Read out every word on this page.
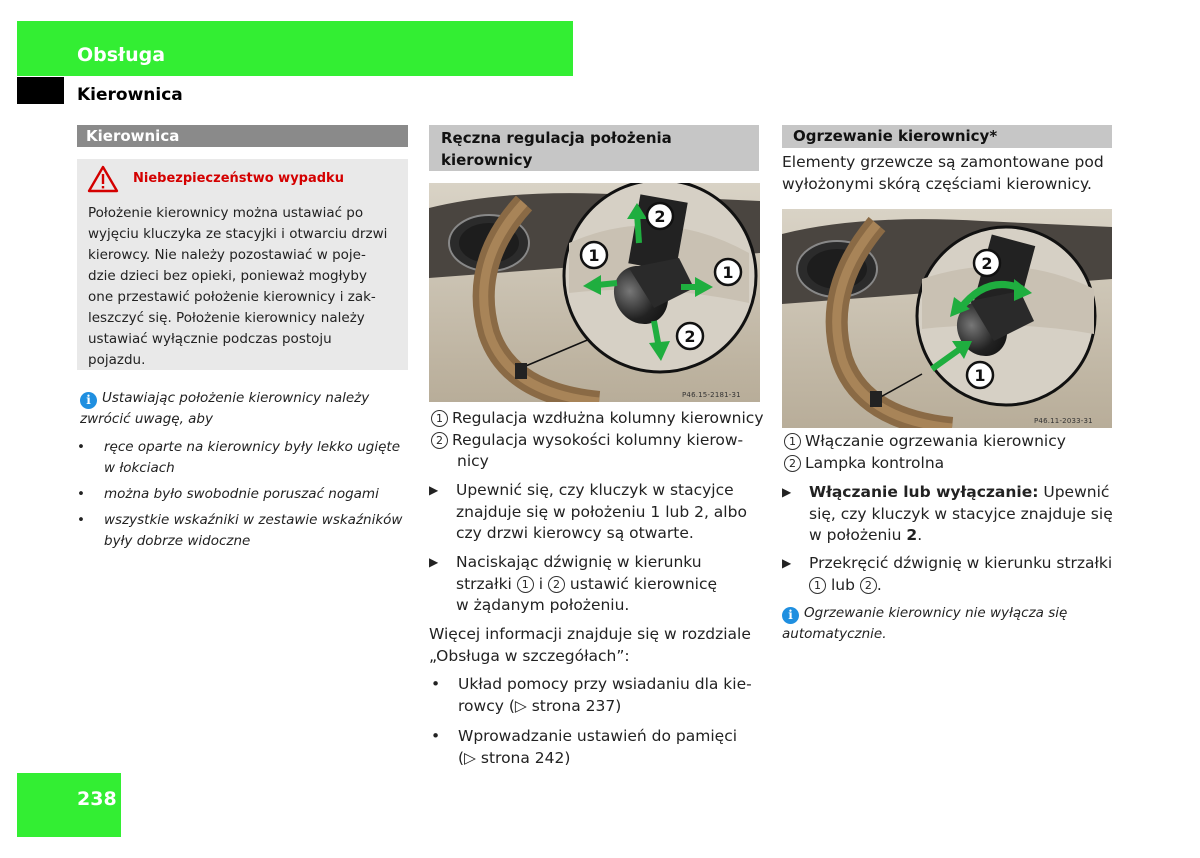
Obsługa
Kierownica
Kierownica
Niebezpieczeństwo wypadku
Położenie kierownicy można ustawiać po
wyjęciu kluczyka ze stacyjki i otwarciu drzwi
kierowcy. Nie należy pozostawiać w poje-
dzie dzieci bez opieki, ponieważ mogłyby
one przestawić położenie kierownicy i zak-
leszczyć się. Położenie kierownicy należy
ustawiać wyłącznie podczas postoju
pojazdu.
i Ustawiając położenie kierownicy należy
zwrócić uwagę, aby
•	ręce oparte na kierownicy były lekko ugięte
w łokciach
•	można było swobodnie poruszać nogami
•	wszystkie wskaźniki w zestawie wskaźników
były dobrze widoczne
Ręczna regulacja położenia
kierownicy
2
1
1
2
P46.15-2181-31
1 Regulacja wzdłużna kolumny kierownicy
2 Regulacja wysokości kolumny kierow-
nicy
▶	Upewnić się, czy kluczyk w stacyjce
znajduje się w położeniu 1 lub 2, albo
czy drzwi kierowcy są otwarte.
▶	Naciskając dźwignię w kierunku
strzałki 1 i 2 ustawić kierownicę
w żądanym położeniu.
Więcej informacji znajduje się w rozdziale
„Obsługa w szczegółach”:
•	Układ pomocy przy wsiadaniu dla kie-
rowcy (▷ strona 237)
•	Wprowadzanie ustawień do pamięci
(▷ strona 242)
Ogrzewanie kierownicy*
Elementy grzewcze są zamontowane pod
wyłożonymi skórą częściami kierownicy.
2
1
P46.11-2033-31
1 Włączanie ogrzewania kierownicy
2 Lampka kontrolna
▶	Włączanie lub wyłączanie: Upewnić
się, czy kluczyk w stacyjce znajduje się
w położeniu 2.
▶	Przekręcić dźwignię w kierunku strzałki
1 lub 2 .
i Ogrzewanie kierownicy nie wyłącza się
automatycznie.
238
